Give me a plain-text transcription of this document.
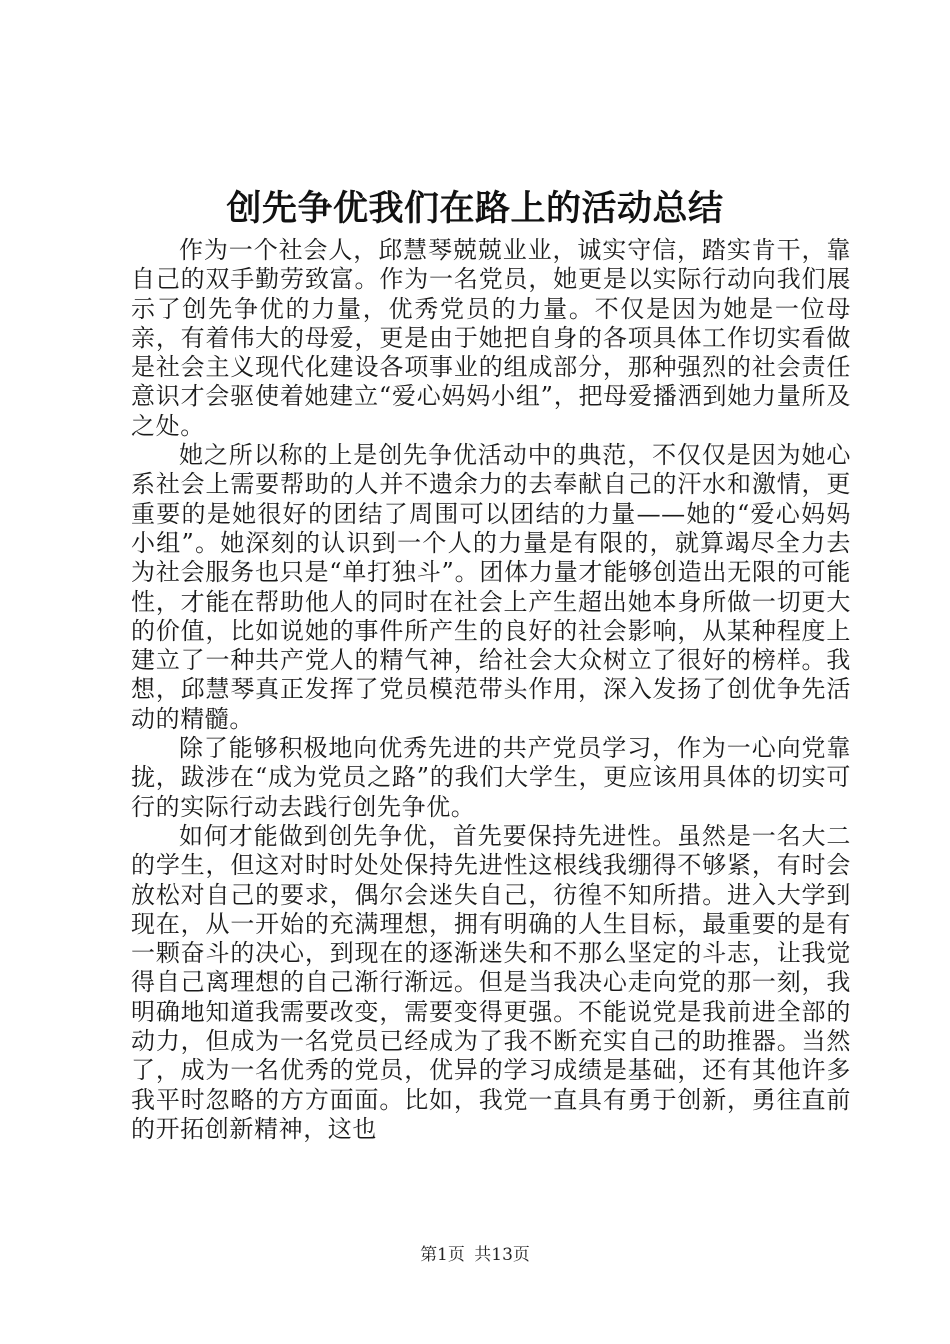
创先争优我们在路上的活动总结

作为一个社会人，邱慧琴兢兢业业，诚实守信，踏实肯干，靠自己的双手勤劳致富。作为一名党员，她更是以实际行动向我们展示了创先争优的力量，优秀党员的力量。不仅是因为她是一位母亲，有着伟大的母爱，更是由于她把自身的各项具体工作切实看做是社会主义现代化建设各项事业的组成部分，那种强烈的社会责任意识才会驱使着她建立“爱心妈妈小组”，把母爱播洒到她力量所及之处。

她之所以称的上是创先争优活动中的典范，不仅仅是因为她心系社会上需要帮助的人并不遗余力的去奉献自己的汗水和激情，更重要的是她很好的团结了周围可以团结的力量——她的“爱心妈妈小组”。她深刻的认识到一个人的力量是有限的，就算竭尽全力去为社会服务也只是“单打独斗”。团体力量才能够创造出无限的可能性，才能在帮助他人的同时在社会上产生超出她本身所做一切更大的价值，比如说她的事件所产生的良好的社会影响，从某种程度上建立了一种共产党人的精气神，给社会大众树立了很好的榜样。我想，邱慧琴真正发挥了党员模范带头作用，深入发扬了创优争先活动的精髓。

除了能够积极地向优秀先进的共产党员学习，作为一心向党靠拢，跋涉在“成为党员之路”的我们大学生，更应该用具体的切实可行的实际行动去践行创先争优。

如何才能做到创先争优，首先要保持先进性。虽然是一名大二的学生，但这对时时处处保持先进性这根线我绷得不够紧，有时会放松对自己的要求，偶尔会迷失自己，彷徨不知所措。进入大学到现在，从一开始的充满理想，拥有明确的人生目标，最重要的是有一颗奋斗的决心，到现在的逐渐迷失和不那么坚定的斗志，让我觉得自己离理想的自己渐行渐远。但是当我决心走向党的那一刻，我明确地知道我需要改变，需要变得更强。不能说党是我前进全部的动力，但成为一名党员已经成为了我不断充实自己的助推器。当然了，成为一名优秀的党员，优异的学习成绩是基础，还有其他许多我平时忽略的方方面面。比如，我党一直具有勇于创新，勇往直前的开拓创新精神，这也

第1页 共13页
